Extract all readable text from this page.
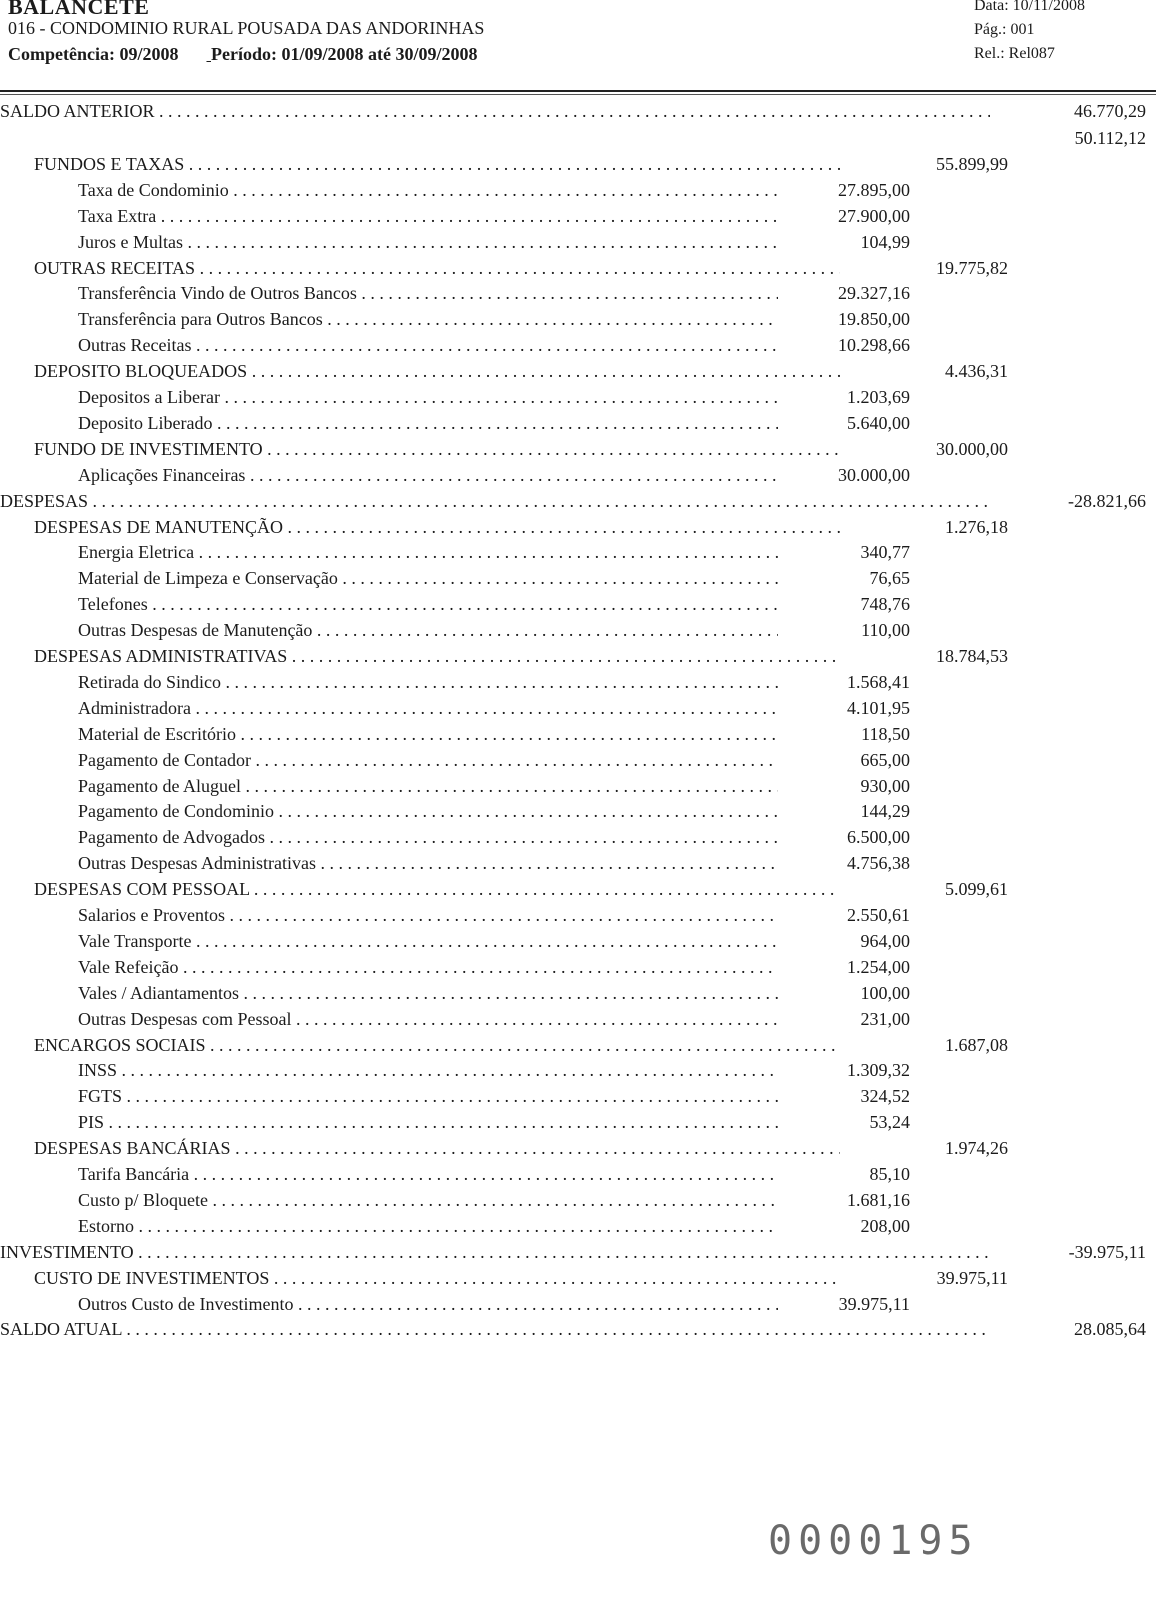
BALANCETE
016 - CONDOMINIO RURAL POUSADA DAS ANDORINHAS
Competência: 09/2008 Período: 01/09/2008 até 30/09/2008
Data: 10/11/2008
Pág.: 001
Rel.: Rel087
50.112,12
SALDO ANTERIOR . . .	46.770,29
FUNDOS E TAXAS . . .	55.899,99
Taxa de Condominio . . .	27.895,00
Taxa Extra . . .	27.900,00
Juros e Multas . . .	104,99
OUTRAS RECEITAS . . .	19.775,82
Transferência Vindo de Outros Bancos . . .	29.327,16
Transferência para Outros Bancos . . .	19.850,00
Outras Receitas . . .	10.298,66
DEPOSITO BLOQUEADOS . . .	4.436,31
Depositos a Liberar . . .	1.203,69
Deposito Liberado . . .	5.640,00
FUNDO DE INVESTIMENTO . . .	30.000,00
Aplicações Financeiras . . .	30.000,00
DESPESAS . . .	-28.821,66
DESPESAS DE MANUTENÇÃO . . .	1.276,18
Energia Eletrica . . .	340,77
Material de Limpeza e Conservação . . .	76,65
Telefones . . .	748,76
Outras Despesas de Manutenção . . .	110,00
DESPESAS ADMINISTRATIVAS . . .	18.784,53
Retirada do Sindico . . .	1.568,41
Administradora . . .	4.101,95
Material de Escritório . . .	118,50
Pagamento de Contador . . .	665,00
Pagamento de Aluguel . . .	930,00
Pagamento de Condominio . . .	144,29
Pagamento de Advogados . . .	6.500,00
Outras Despesas Administrativas . . .	4.756,38
DESPESAS COM PESSOAL . . .	5.099,61
Salarios e Proventos . . .	2.550,61
Vale Transporte . . .	964,00
Vale Refeição . . .	1.254,00
Vales / Adiantamentos . . .	100,00
Outras Despesas com Pessoal . . .	231,00
ENCARGOS SOCIAIS . . .	1.687,08
INSS . . .	1.309,32
FGTS . . .	324,52
PIS . . .	53,24
DESPESAS BANCÁRIAS . . .	1.974,26
Tarifa Bancária . . .	85,10
Custo p/ Bloquete . . .	1.681,16
Estorno . . .	208,00
INVESTIMENTO . . .	-39.975,11
CUSTO DE INVESTIMENTOS . . .	39.975,11
Outros Custo de Investimento . . .	39.975,11
SALDO ATUAL . . .	28.085,64
0000195
